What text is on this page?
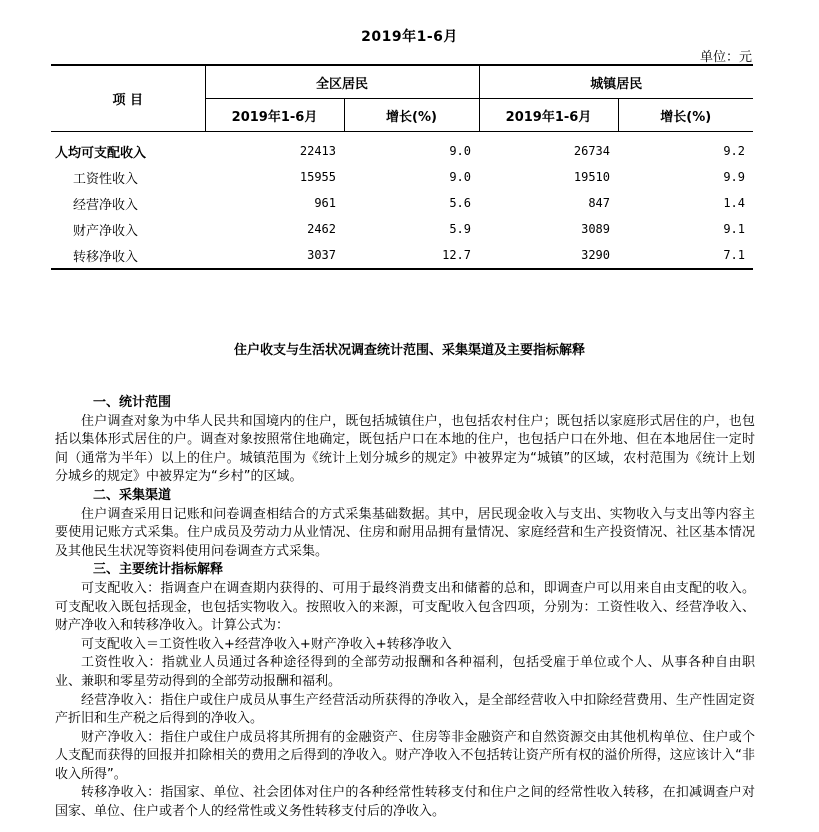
2019年1-6月
单位：元
项 目	全区居民		城镇居民	
	2019年1-6月	增长(%)	2019年1-6月	增长(%)
人均可支配收入	22413	9.0	26734	9.2
工资性收入	15955	9.0	19510	9.9
经营净收入	961	5.6	847	1.4
财产净收入	2462	5.9	3089	9.1
转移净收入	3037	12.7	3290	7.1
住户收支与生活状况调查统计范围、采集渠道及主要指标解释

一、统计范围

住户调查对象为中华人民共和国境内的住户，既包括城镇住户，也包括农村住户；既包括以家庭形式居住的户，也包括以集体形式居住的户。调查对象按照常住地确定，既包括户口在本地的住户，也包括户口在外地、但在本地居住一定时间（通常为半年）以上的住户。城镇范围为《统计上划分城乡的规定》中被界定为“城镇”的区域，农村范围为《统计上划分城乡的规定》中被界定为“乡村”的区域。

二、采集渠道

住户调查采用日记账和问卷调查相结合的方式采集基础数据。其中，居民现金收入与支出、实物收入与支出等内容主要使用记账方式采集。住户成员及劳动力从业情况、住房和耐用品拥有量情况、家庭经营和生产投资情况、社区基本情况及其他民生状况等资料使用问卷调查方式采集。

三、主要统计指标解释

可支配收入：指调查户在调查期内获得的、可用于最终消费支出和储蓄的总和，即调查户可以用来自由支配的收入。可支配收入既包括现金，也包括实物收入。按照收入的来源，可支配收入包含四项，分别为：工资性收入、经营净收入、财产净收入和转移净收入。计算公式为：

可支配收入＝工资性收入+经营净收入+财产净收入+转移净收入

工资性收入：指就业人员通过各种途径得到的全部劳动报酬和各种福利，包括受雇于单位或个人、从事各种自由职业、兼职和零星劳动得到的全部劳动报酬和福利。

经营净收入：指住户或住户成员从事生产经营活动所获得的净收入，是全部经营收入中扣除经营费用、生产性固定资产折旧和生产税之后得到的净收入。

财产净收入：指住户或住户成员将其所拥有的金融资产、住房等非金融资产和自然资源交由其他机构单位、住户或个人支配而获得的回报并扣除相关的费用之后得到的净收入。财产净收入不包括转让资产所有权的溢价所得，这应该计入“非收入所得”。

转移净收入：指国家、单位、社会团体对住户的各种经常性转移支付和住户之间的经常性收入转移，在扣减调查户对国家、单位、住户或者个人的经常性或义务性转移支付后的净收入。
